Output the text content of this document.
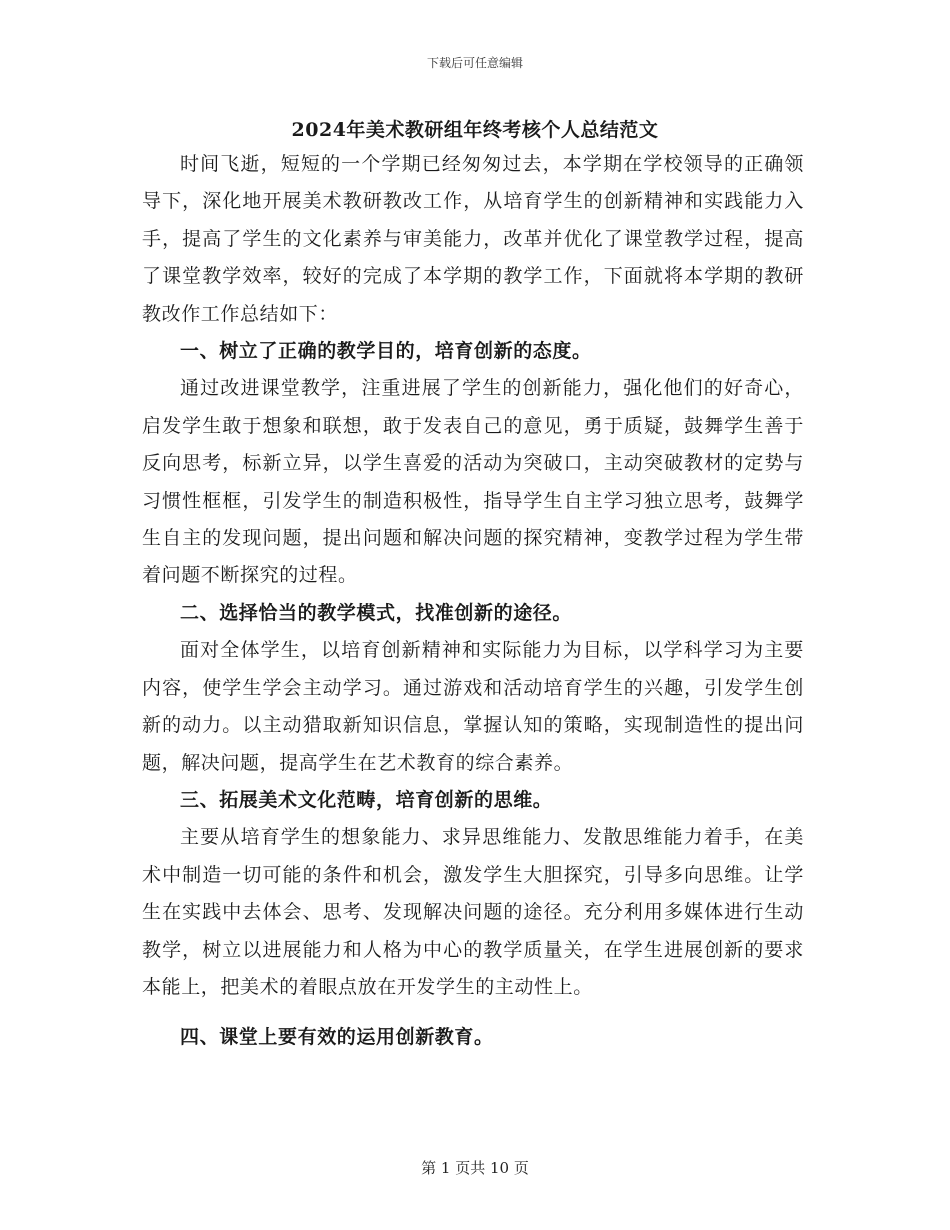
下载后可任意编辑
2024年美术教研组年终考核个人总结范文

时间飞逝，短短的一个学期已经匆匆过去，本学期在学校领导的正确领导下，深化地开展美术教研教改工作，从培育学生的创新精神和实践能力入手，提高了学生的文化素养与审美能力，改革并优化了课堂教学过程，提高了课堂教学效率，较好的完成了本学期的教学工作，下面就将本学期的教研教改作工作总结如下：

一、树立了正确的教学目的，培育创新的态度。

通过改进课堂教学，注重进展了学生的创新能力，强化他们的好奇心，启发学生敢于想象和联想，敢于发表自己的意见，勇于质疑，鼓舞学生善于反向思考，标新立异，以学生喜爱的活动为突破口，主动突破教材的定势与习惯性框框，引发学生的制造积极性，指导学生自主学习独立思考，鼓舞学生自主的发现问题，提出问题和解决问题的探究精神，变教学过程为学生带着问题不断探究的过程。

二、选择恰当的教学模式，找准创新的途径。

面对全体学生，以培育创新精神和实际能力为目标，以学科学习为主要内容，使学生学会主动学习。通过游戏和活动培育学生的兴趣，引发学生创新的动力。以主动猎取新知识信息，掌握认知的策略，实现制造性的提出问题，解决问题，提高学生在艺术教育的综合素养。

三、拓展美术文化范畴，培育创新的思维。

主要从培育学生的想象能力、求异思维能力、发散思维能力着手，在美术中制造一切可能的条件和机会，激发学生大胆探究，引导多向思维。让学生在实践中去体会、思考、发现解决问题的途径。充分利用多媒体进行生动教学，树立以进展能力和人格为中心的教学质量关，在学生进展创新的要求本能上，把美术的着眼点放在开发学生的主动性上。

四、课堂上要有效的运用创新教育。

第 1 页共 10 页
